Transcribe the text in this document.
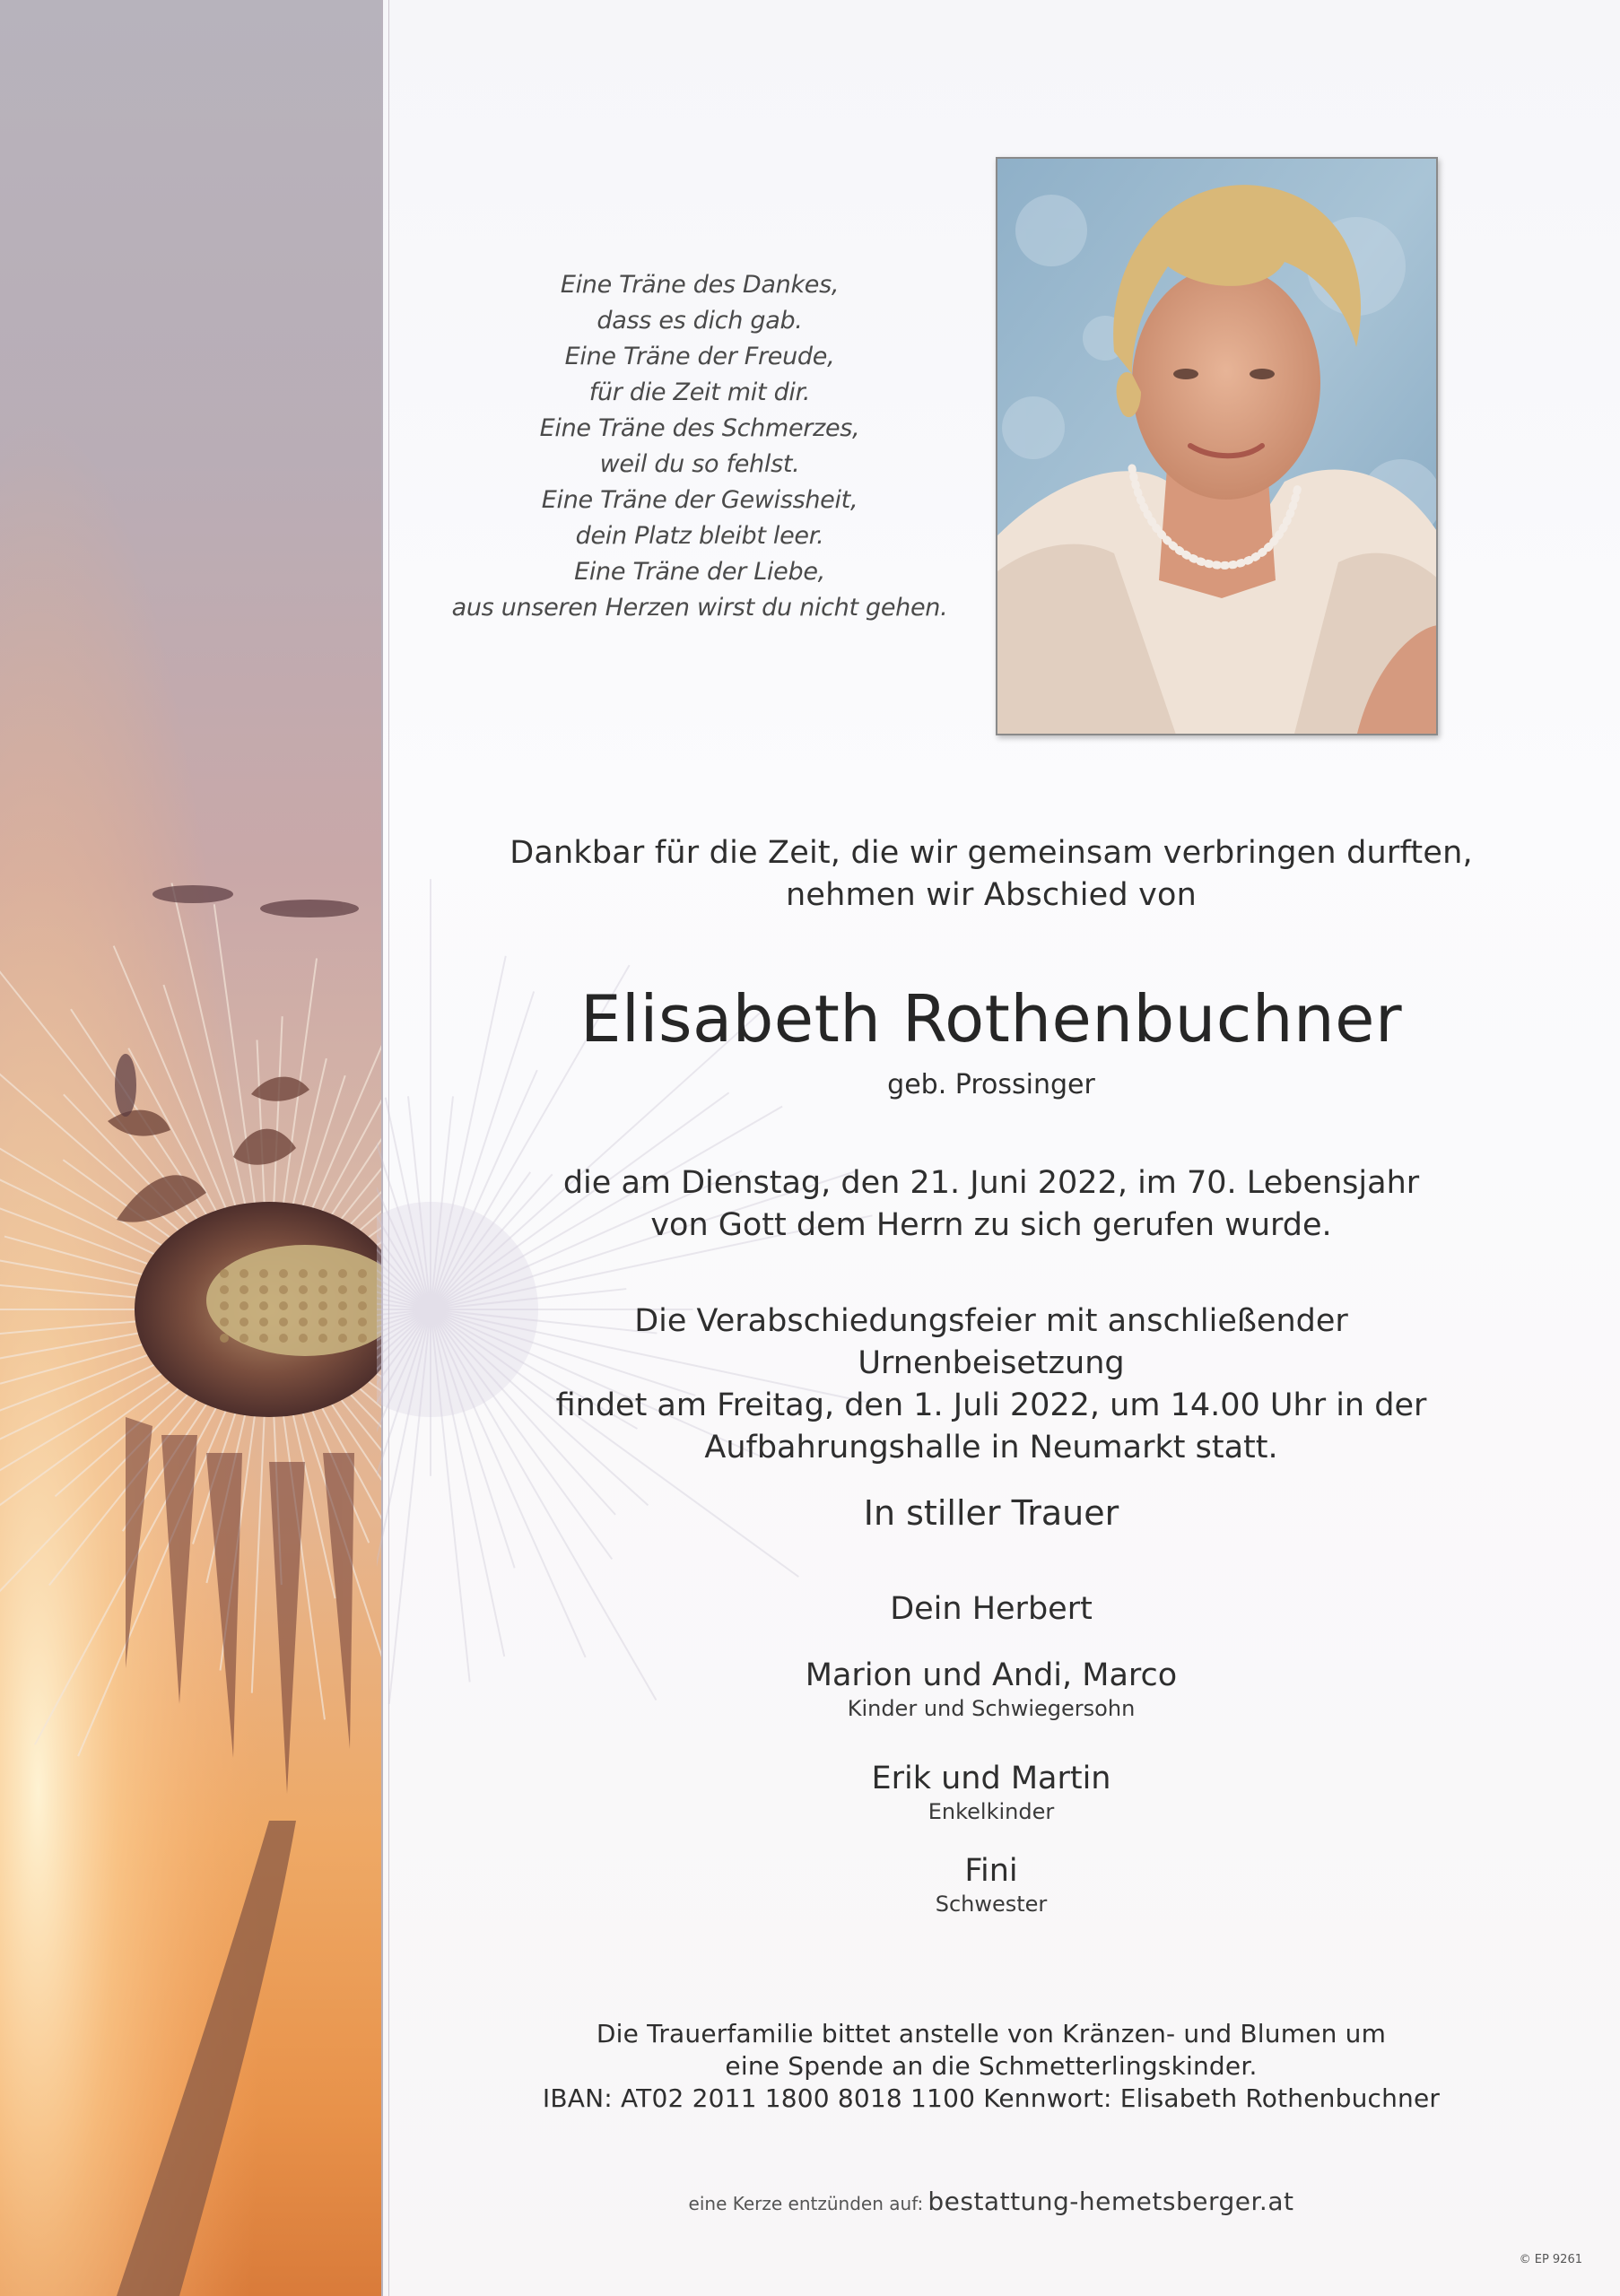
Eine Träne des Dankes,
dass es dich gab.
Eine Träne der Freude,
für die Zeit mit dir.
Eine Träne des Schmerzes,
weil du so fehlst.
Eine Träne der Gewissheit,
dein Platz bleibt leer.
Eine Träne der Liebe,
aus unseren Herzen wirst du nicht gehen.
Dankbar für die Zeit, die wir gemeinsam verbringen durften,
nehmen wir Abschied von
Elisabeth Rothenbuchner
geb. Prossinger
die am Dienstag, den 21. Juni 2022, im 70. Lebensjahr
von Gott dem Herrn zu sich gerufen wurde.
Die Verabschiedungsfeier mit anschließender Urnenbeisetzung
findet am Freitag, den 1. Juli 2022, um 14.00 Uhr in der
Aufbahrungshalle in Neumarkt statt.
In stiller Trauer
Dein Herbert
Marion und Andi, Marco
Kinder und Schwiegersohn
Erik und Martin
Enkelkinder
Fini
Schwester
Die Trauerfamilie bittet anstelle von Kränzen- und Blumen um
eine Spende an die Schmetterlingskinder.
IBAN: AT02 2011 1800 8018 1100 Kennwort: Elisabeth Rothenbuchner
eine Kerze entzünden auf: bestattung-hemetsberger.at
© EP 9261
